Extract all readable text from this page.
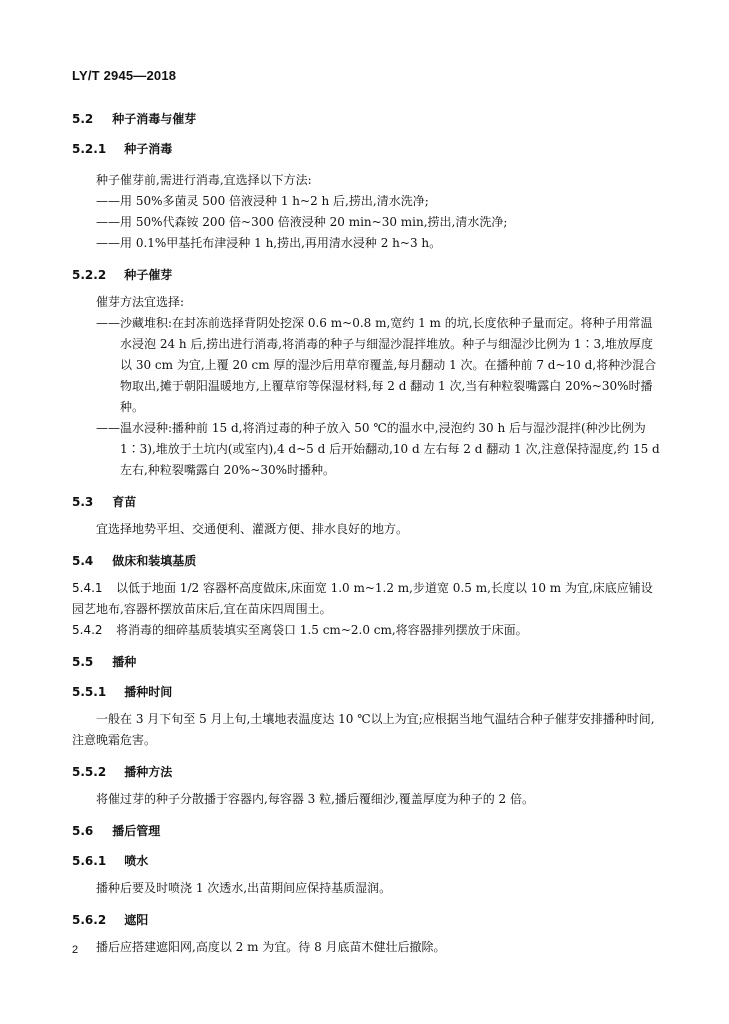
LY/T 2945—2018
5.2 种子消毒与催芽
5.2.1 种子消毒

种子催芽前,需进行消毒,宜选择以下方法:

——用 50%多菌灵 500 倍液浸种 1 h~2 h 后,捞出,清水洗净;

——用 50%代森铵 200 倍~300 倍液浸种 20 min~30 min,捞出,清水洗净;

——用 0.1%甲基托布津浸种 1 h,捞出,再用清水浸种 2 h~3 h。

5.2.2 种子催芽

催芽方法宜选择:

——沙藏堆积:在封冻前选择背阴处挖深 0.6 m~0.8 m,宽约 1 m 的坑,长度依种子量而定。将种子用常温水浸泡 24 h 后,捞出进行消毒,将消毒的种子与细湿沙混拌堆放。种子与细湿沙比例为 1∶3,堆放厚度以 30 cm 为宜,上覆 20 cm 厚的湿沙后用草帘覆盖,每月翻动 1 次。在播种前 7 d~10 d,将种沙混合物取出,摊于朝阳温暖地方,上覆草帘等保湿材料,每 2 d 翻动 1 次,当有种粒裂嘴露白 20%~30%时播种。

——温水浸种:播种前 15 d,将消过毒的种子放入 50 ℃的温水中,浸泡约 30 h 后与湿沙混拌(种沙比例为 1∶3),堆放于土坑内(或室内),4 d~5 d 后开始翻动,10 d 左右每 2 d 翻动 1 次,注意保持湿度,约 15 d 左右,种粒裂嘴露白 20%~30%时播种。

5.3 育苗

宜选择地势平坦、交通便利、灌溉方便、排水良好的地方。

5.4 做床和装填基质

5.4.1 以低于地面 1/2 容器杯高度做床,床面宽 1.0 m~1.2 m,步道宽 0.5 m,长度以 10 m 为宜,床底应铺设园艺地布,容器杯摆放苗床后,宜在苗床四周围土。

5.4.2 将消毒的细碎基质装填实至离袋口 1.5 cm~2.0 cm,将容器排列摆放于床面。

5.5 播种
5.5.1 播种时间

一般在 3 月下旬至 5 月上旬,土壤地表温度达 10 ℃以上为宜;应根据当地气温结合种子催芽安排播种时间,注意晚霜危害。

5.5.2 播种方法

将催过芽的种子分散播于容器内,每容器 3 粒,播后覆细沙,覆盖厚度为种子的 2 倍。

5.6 播后管理
5.6.1 喷水

播种后要及时喷浇 1 次透水,出苗期间应保持基质湿润。

5.6.2 遮阳

播后应搭建遮阳网,高度以 2 m 为宜。待 8 月底苗木健壮后撤除。

2
